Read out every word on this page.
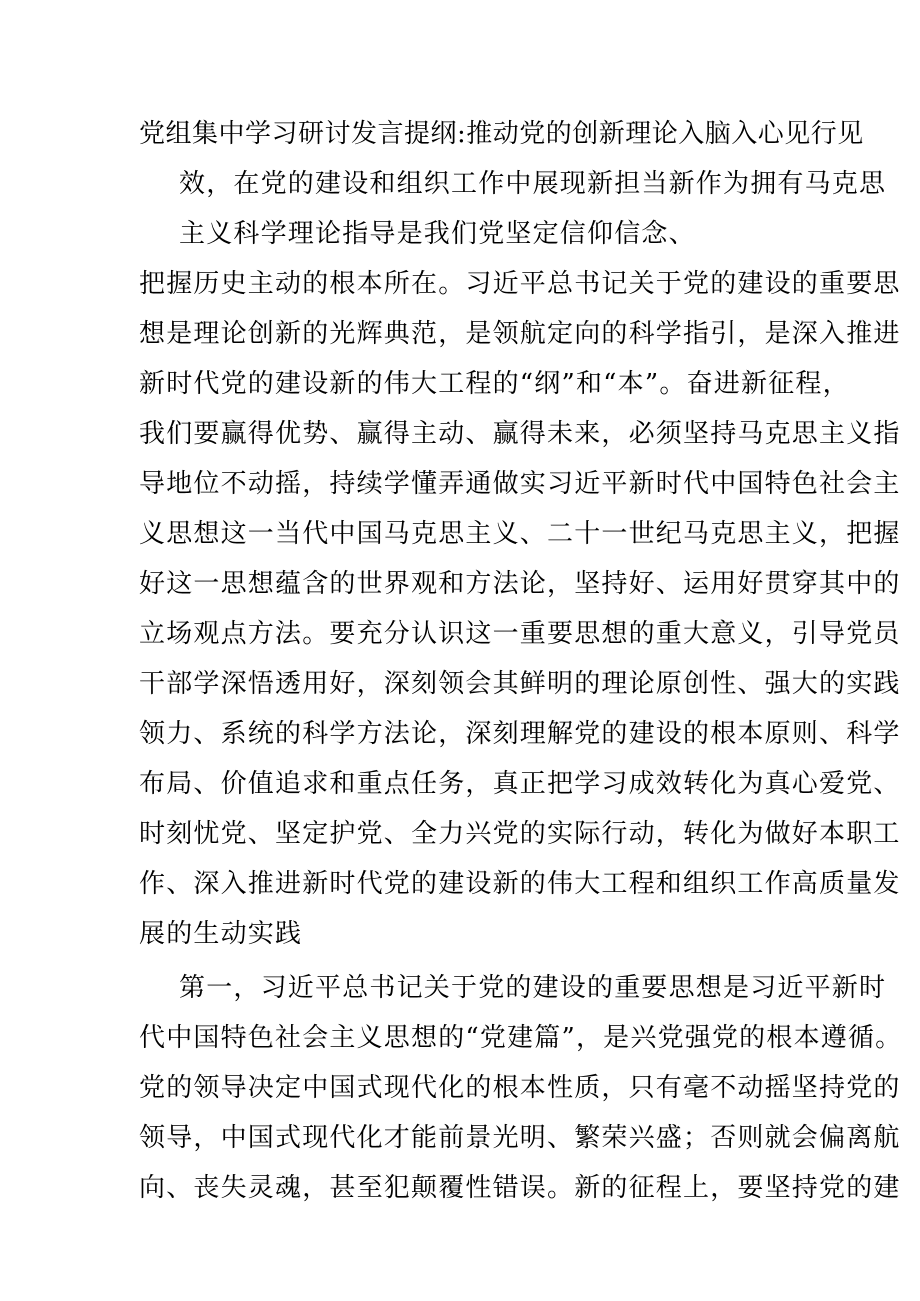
党组集中学习研讨发言提纲:推动党的创新理论入脑入心见行见
效，在党的建设和组织工作中展现新担当新作为拥有马克思
主义科学理论指导是我们党坚定信仰信念、
把握历史主动的根本所在。习近平总书记关于党的建设的重要思
想是理论创新的光辉典范，是领航定向的科学指引，是深入推进
新时代党的建设新的伟大工程的“纲”和“本”。奋进新征程，
我们要赢得优势、赢得主动、赢得未来，必须坚持马克思主义指
导地位不动摇，持续学懂弄通做实习近平新时代中国特色社会主
义思想这一当代中国马克思主义、二十一世纪马克思主义，把握
好这一思想蕴含的世界观和方法论，坚持好、运用好贯穿其中的
立场观点方法。要充分认识这一重要思想的重大意义，引导党员
干部学深悟透用好，深刻领会其鲜明的理论原创性、强大的实践
领力、系统的科学方法论，深刻理解党的建设的根本原则、科学
布局、价值追求和重点任务，真正把学习成效转化为真心爱党、
时刻忧党、坚定护党、全力兴党的实际行动，转化为做好本职工
作、深入推进新时代党的建设新的伟大工程和组织工作高质量发
展的生动实践
第一，习近平总书记关于党的建设的重要思想是习近平新时
代中国特色社会主义思想的“党建篇”，是兴党强党的根本遵循。
党的领导决定中国式现代化的根本性质，只有毫不动摇坚持党的
领导，中国式现代化才能前景光明、繁荣兴盛；否则就会偏离航
向、丧失灵魂，甚至犯颠覆性错误。新的征程上，要坚持党的建
